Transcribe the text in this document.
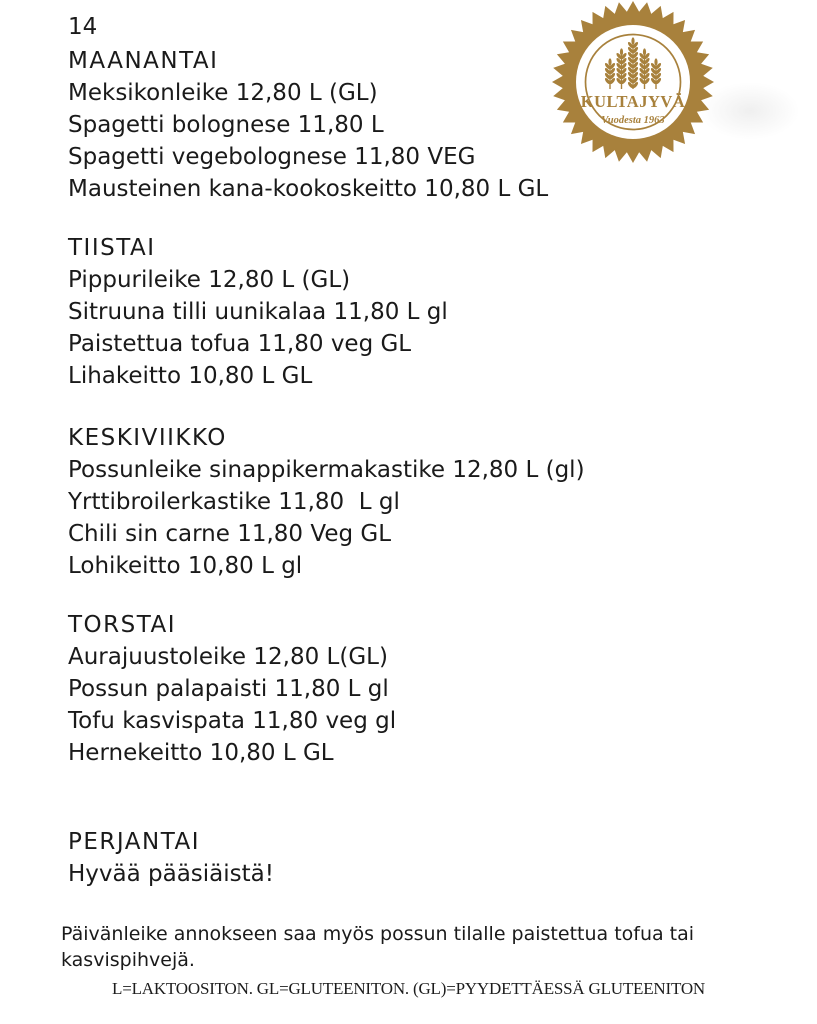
14
KULTAJYVÄ
Vuodesta 1963
MAANANTAI
Meksikonleike 12,80 L (GL)
Spagetti bolognese 11,80 L
Spagetti vegebolognese 11,80 VEG
Mausteinen kana-kookoskeitto 10,80 L GL
TIISTAI
Pippurileike 12,80 L (GL)
Sitruuna tilli uunikalaa 11,80 L gl
Paistettua tofua 11,80 veg GL
Lihakeitto 10,80 L GL
KESKIVIIKKO
Possunleike sinappikermakastike 12,80 L (gl)
Yrttibroilerkastike 11,80  L gl
Chili sin carne 11,80 Veg GL
Lohikeitto 10,80 L gl
TORSTAI
Aurajuustoleike 12,80 L(GL)
Possun palapaisti 11,80 L gl
Tofu kasvispata 11,80 veg gl
Hernekeitto 10,80 L GL
PERJANTAI
Hyvää pääsiäistä!
Päivänleike annokseen saa myös possun tilalle paistettua tofua tai kasvispihvejä.
L=LAKTOOSITON. GL=GLUTEENITON. (GL)=PYYDETTÄESSÄ GLUTEENITON
